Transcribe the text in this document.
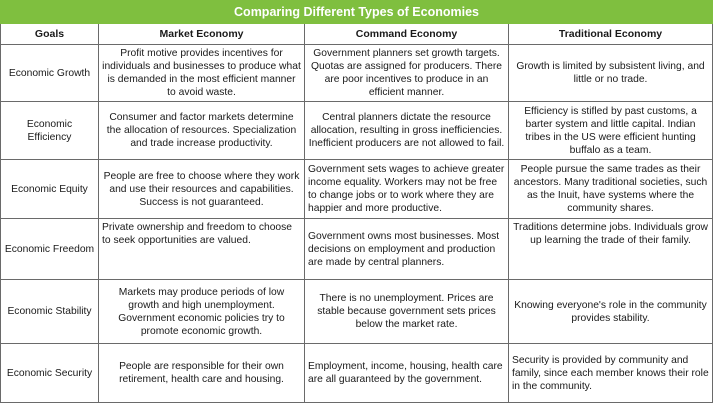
Comparing Different Types of Economies			
Goals	Market Economy	Command Economy	Traditional Economy
Economic Growth	Profit motive provides incentives for individuals and businesses to produce what is demanded in the most efficient manner to avoid waste.	Government planners set growth targets. Quotas are assigned for producers. There are poor incentives to produce in an efficient manner.	Growth is limited by subsistent living, and little or no trade.
Economic Efficiency	Consumer and factor markets determine the allocation of resources. Specialization and trade increase productivity.	Central planners dictate the resource allocation, resulting in gross inefficiencies. Inefficient producers are not allowed to fail.	Efficiency is stifled by past customs, a barter system and little capital. Indian tribes in the US were efficient hunting buffalo as a team.
Economic Equity	People are free to choose where they work and use their resources and capabilities. Success is not guaranteed.	Government sets wages to achieve greater income equality. Workers may not be free to change jobs or to work where they are happier and more productive.	People pursue the same trades as their ancestors. Many traditional societies, such as the Inuit, have systems where the community shares.
Economic Freedom	Private ownership and freedom to choose to seek opportunities are valued.	Government owns most businesses. Most decisions on employment and production are made by central planners.	Traditions determine jobs. Individuals grow up learning the trade of their family.
Economic Stability	Markets may produce periods of low growth and high unemployment. Government economic policies try to promote economic growth.	There is no unemployment. Prices are stable because government sets prices below the market rate.	Knowing everyone's role in the community provides stability.
Economic Security	People are responsible for their own retirement, health care and housing.	Employment, income, housing, health care are all guaranteed by the government.	Security is provided by community and family, since each member knows their role in the community.
